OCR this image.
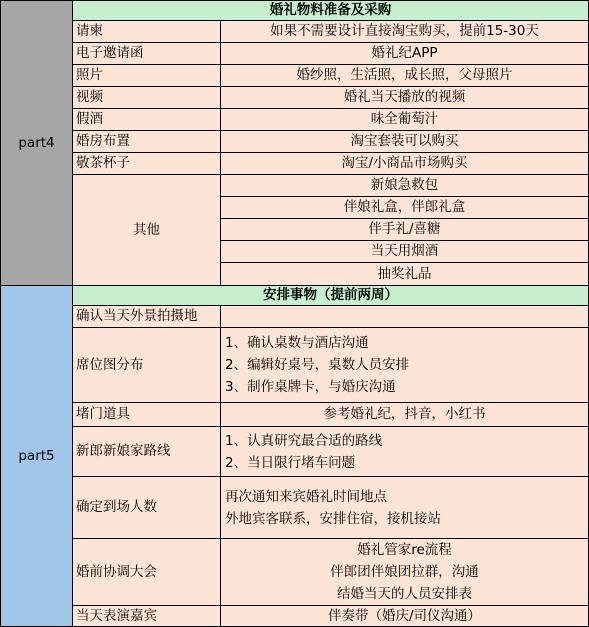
part4	婚礼物料准备及采购	
	请柬	如果不需要设计直接淘宝购买，提前15-30天
	电子邀请函	婚礼纪APP
	照片	婚纱照，生活照，成长照，父母照片
	视频	婚礼当天播放的视频
	假酒	味全葡萄汁
	婚房布置	淘宝套装可以购买
	敬茶杯子	淘宝/小商品市场购买
	其他	新娘急救包
		伴娘礼盒，伴郎礼盒
		伴手礼/喜糖
		当天用烟酒
		抽奖礼品
part5	安排事物（提前两周）	
	确认当天外景拍摄地	
	席位图分布	1、确认桌数与酒店沟通
2、编辑好桌号，桌数人员安排
3、制作桌牌卡，与婚庆沟通

	堵门道具	参考婚礼纪，抖音，小红书
	新郎新娘家路线	1、认真研究最合适的路线
2、当日限行堵车问题

	确定到场人数	再次通知来宾婚礼时间地点
外地宾客联系，安排住宿，接机接站

	婚前协调大会	婚礼管家re流程
伴郎团伴娘团拉群，沟通
结婚当天的人员安排表

	当天表演嘉宾	伴奏带（婚庆/司仪沟通）
